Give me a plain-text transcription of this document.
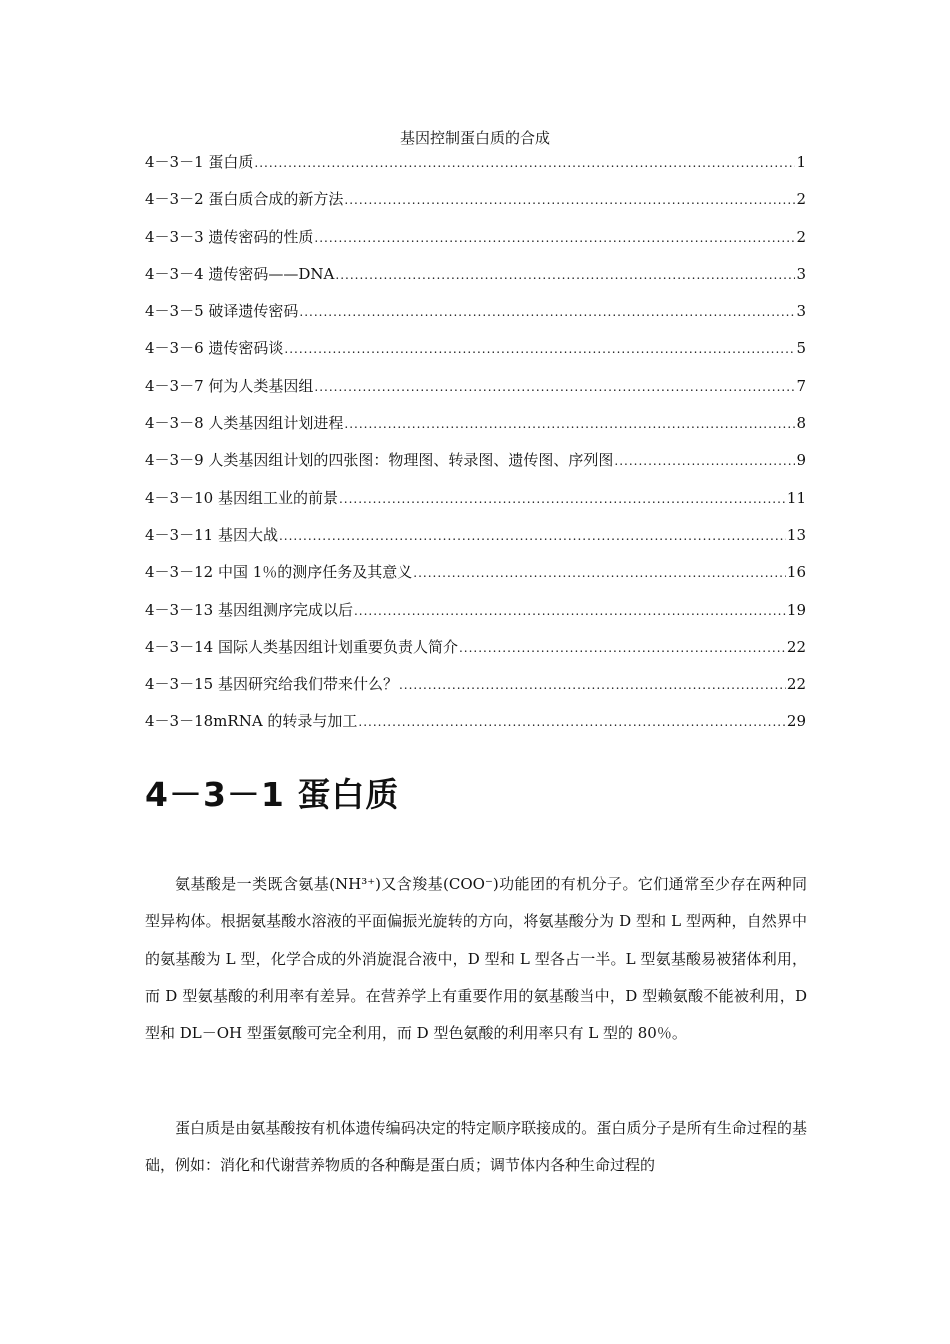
基因控制蛋白质的合成
4－3－1 蛋白质 .....	1
4－3－2 蛋白质合成的新方法 .....	2
4－3－3 遗传密码的性质 .....	2
4－3－4 遗传密码——DNA .....	3
4－3－5 破译遗传密码 .....	3
4－3－6 遗传密码谈 .....	5
4－3－7 何为人类基因组 .....	7
4－3－8 人类基因组计划进程 .....	8
4－3－9 人类基因组计划的四张图：物理图、转录图、遗传图、序列图 .....	9
4－3－10 基因组工业的前景 .....	11
4－3－11 基因大战 .....	13
4－3－12 中国 1％的测序任务及其意义 .....	16
4－3－13 基因组测序完成以后 .....	19
4－3－14 国际人类基因组计划重要负责人简介 .....	22
4－3－15 基因研究给我们带来什么？ .....	22
4－3－18mRNA 的转录与加工 .....	29
4－3－1 蛋白质

氨基酸是一类既含氨基(NH³⁺)又含羧基(COO⁻)功能团的有机分子。它们通常至少存在两种同型异构体。根据氨基酸水溶液的平面偏振光旋转的方向，将氨基酸分为 D 型和 L 型两种，自然界中的氨基酸为 L 型，化学合成的外消旋混合液中，D 型和 L 型各占一半。L 型氨基酸易被猪体利用，而 D 型氨基酸的利用率有差异。在营养学上有重要作用的氨基酸当中，D 型赖氨酸不能被利用，D 型和 DL－OH 型蛋氨酸可完全利用，而 D 型色氨酸的利用率只有 L 型的 80％。

蛋白质是由氨基酸按有机体遗传编码决定的特定顺序联接成的。蛋白质分子是所有生命过程的基础，例如：消化和代谢营养物质的各种酶是蛋白质；调节体内各种生命过程的
